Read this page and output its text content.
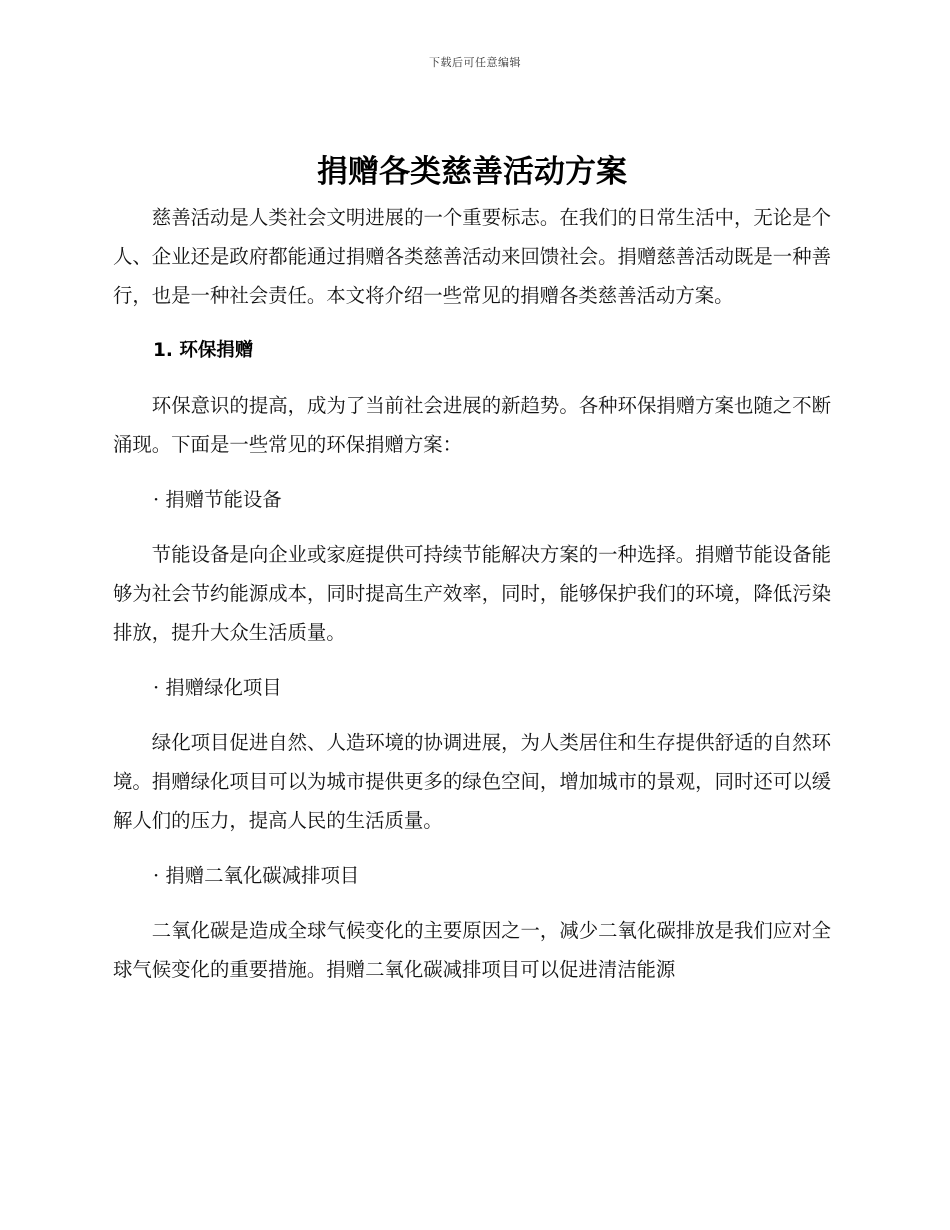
下载后可任意编辑
捐赠各类慈善活动方案

慈善活动是人类社会文明进展的一个重要标志。在我们的日常生活中，无论是个人、企业还是政府都能通过捐赠各类慈善活动来回馈社会。捐赠慈善活动既是一种善行，也是一种社会责任。本文将介绍一些常见的捐赠各类慈善活动方案。

1. 环保捐赠

环保意识的提高，成为了当前社会进展的新趋势。各种环保捐赠方案也随之不断涌现。下面是一些常见的环保捐赠方案：

· 捐赠节能设备

节能设备是向企业或家庭提供可持续节能解决方案的一种选择。捐赠节能设备能够为社会节约能源成本，同时提高生产效率，同时，能够保护我们的环境，降低污染排放，提升大众生活质量。

· 捐赠绿化项目

绿化项目促进自然、人造环境的协调进展，为人类居住和生存提供舒适的自然环境。捐赠绿化项目可以为城市提供更多的绿色空间，增加城市的景观，同时还可以缓解人们的压力，提高人民的生活质量。

· 捐赠二氧化碳减排项目

二氧化碳是造成全球气候变化的主要原因之一，减少二氧化碳排放是我们应对全球气候变化的重要措施。捐赠二氧化碳减排项目可以促进清洁能源
